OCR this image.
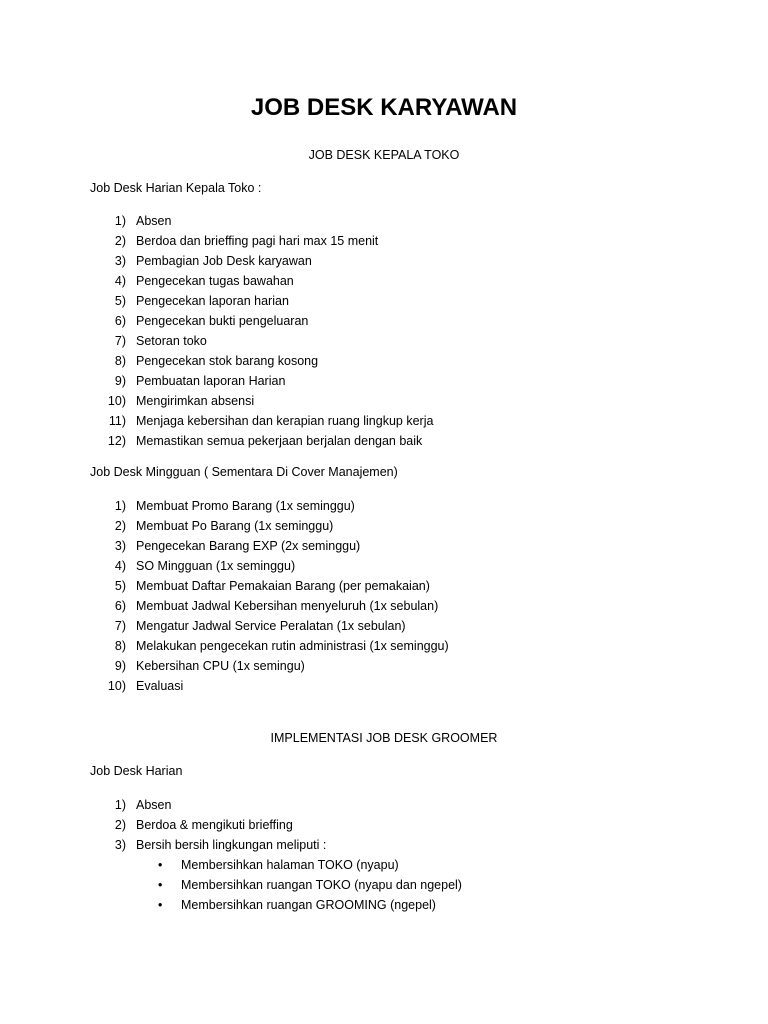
JOB DESK KARYAWAN
JOB DESK KEPALA TOKO
Job Desk Harian Kepala Toko :
1) Absen
2) Berdoa dan brieffing pagi hari max 15 menit
3) Pembagian Job Desk karyawan
4) Pengecekan tugas bawahan
5) Pengecekan laporan harian
6) Pengecekan bukti pengeluaran
7) Setoran toko
8) Pengecekan stok barang kosong
9) Pembuatan laporan Harian
10) Mengirimkan absensi
11) Menjaga kebersihan dan kerapian ruang lingkup kerja
12) Memastikan semua pekerjaan berjalan dengan baik
Job Desk Mingguan ( Sementara Di Cover Manajemen)
1) Membuat Promo Barang (1x seminggu)
2) Membuat Po Barang (1x seminggu)
3) Pengecekan Barang EXP (2x seminggu)
4) SO Mingguan (1x seminggu)
5) Membuat Daftar Pemakaian Barang (per pemakaian)
6) Membuat Jadwal Kebersihan menyeluruh (1x sebulan)
7) Mengatur Jadwal Service Peralatan (1x sebulan)
8) Melakukan pengecekan rutin administrasi (1x seminggu)
9) Kebersihan CPU (1x semingu)
10) Evaluasi
IMPLEMENTASI JOB DESK GROOMER
Job Desk Harian
1) Absen
2) Berdoa & mengikuti brieffing
3) Bersih bersih lingkungan meliputi :
• Membersihkan halaman TOKO (nyapu)
• Membersihkan ruangan TOKO (nyapu dan ngepel)
• Membersihkan ruangan GROOMING (ngepel)
